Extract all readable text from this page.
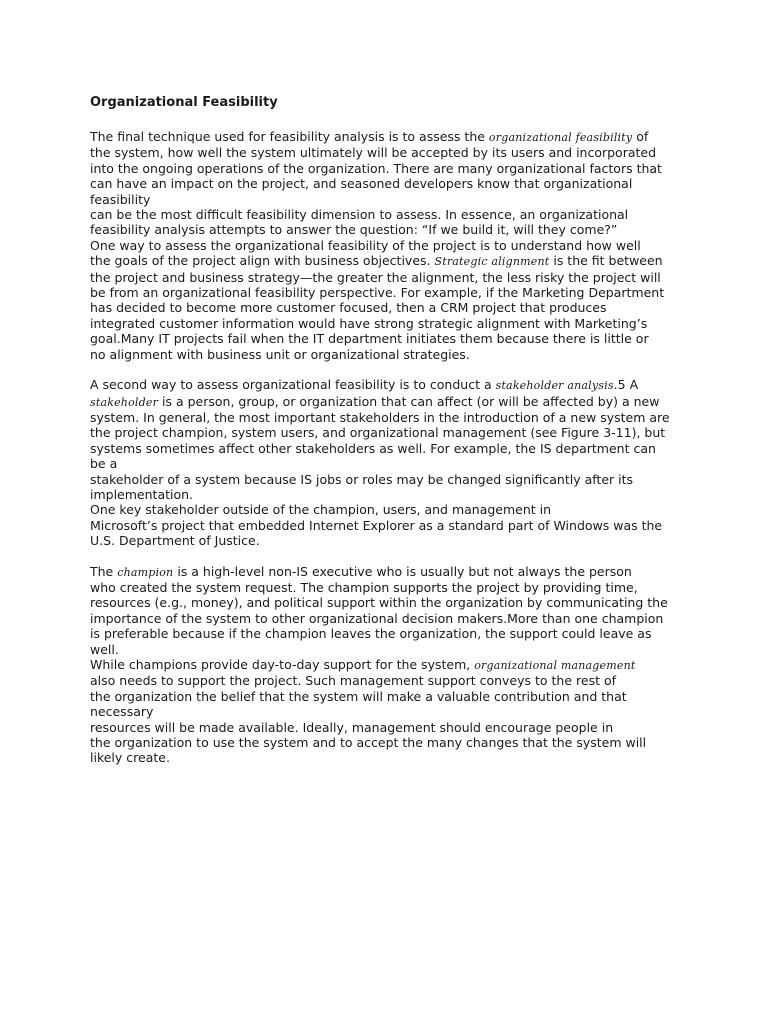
Organizational Feasibility

The final technique used for feasibility analysis is to assess the organizational feasibility of
the system, how well the system ultimately will be accepted by its users and incorporated
into the ongoing operations of the organization. There are many organizational factors that
can have an impact on the project, and seasoned developers know that organizational
feasibility
can be the most difficult feasibility dimension to assess. In essence, an organizational
feasibility analysis attempts to answer the question: “If we build it, will they come?”
One way to assess the organizational feasibility of the project is to understand how well
the goals of the project align with business objectives. Strategic alignment is the fit between
the project and business strategy—the greater the alignment, the less risky the project will
be from an organizational feasibility perspective. For example, if the Marketing Department
has decided to become more customer focused, then a CRM project that produces
integrated customer information would have strong strategic alignment with Marketing’s
goal.Many IT projects fail when the IT department initiates them because there is little or
no alignment with business unit or organizational strategies.

A second way to assess organizational feasibility is to conduct a stakeholder analysis.5 A
stakeholder is a person, group, or organization that can affect (or will be affected by) a new
system. In general, the most important stakeholders in the introduction of a new system are
the project champion, system users, and organizational management (see Figure 3-11), but
systems sometimes affect other stakeholders as well. For example, the IS department can
be a
stakeholder of a system because IS jobs or roles may be changed significantly after its
implementation.
One key stakeholder outside of the champion, users, and management in
Microsoft’s project that embedded Internet Explorer as a standard part of Windows was the
U.S. Department of Justice.

The champion is a high-level non-IS executive who is usually but not always the person
who created the system request. The champion supports the project by providing time,
resources (e.g., money), and political support within the organization by communicating the
importance of the system to other organizational decision makers.More than one champion
is preferable because if the champion leaves the organization, the support could leave as
well.
While champions provide day-to-day support for the system, organizational management
also needs to support the project. Such management support conveys to the rest of
the organization the belief that the system will make a valuable contribution and that
necessary
resources will be made available. Ideally, management should encourage people in
the organization to use the system and to accept the many changes that the system will
likely create.
